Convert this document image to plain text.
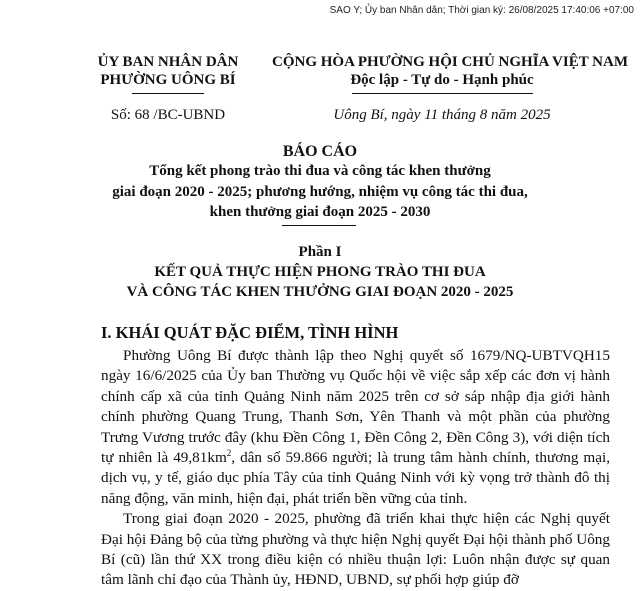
SAO Y; Ủy ban Nhân dân; Thời gian ký: 26/08/2025 17:40:06 +07:00
ỦY BAN NHÂN DÂN
PHƯỜNG UÔNG BÍ
Số: 68 /BC-UBND
CỘNG HÒA PHƯỜNG HỘI CHỦ NGHĨA VIỆT NAM
Độc lập - Tự do - Hạnh phúc
Uông Bí, ngày 11 tháng 8 năm 2025
BÁO CÁO
Tổng kết phong trào thi đua và công tác khen thưởng
giai đoạn 2020 - 2025; phương hướng, nhiệm vụ công tác thi đua,
khen thưởng giai đoạn 2025 - 2030
Phần I
KẾT QUẢ THỰC HIỆN PHONG TRÀO THI ĐUA
VÀ CÔNG TÁC KHEN THƯỞNG GIAI ĐOẠN 2020 - 2025
I. KHÁI QUÁT ĐẶC ĐIỂM, TÌNH HÌNH

Phường Uông Bí được thành lập theo Nghị quyết số 1679/NQ-UBTVQH15 ngày 16/6/2025 của Ủy ban Thường vụ Quốc hội về việc sắp xếp các đơn vị hành chính cấp xã của tỉnh Quảng Ninh năm 2025 trên cơ sở sáp nhập địa giới hành chính phường Quang Trung, Thanh Sơn, Yên Thanh và một phần của phường Trưng Vương trước đây (khu Đền Công 1, Đền Công 2, Đền Công 3), với diện tích tự nhiên là $49,81km^2$, dân số 59.866 người; là trung tâm hành chính, thương mại, dịch vụ, y tế, giáo dục phía Tây của tỉnh Quảng Ninh với kỳ vọng trở thành đô thị năng động, văn minh, hiện đại, phát triển bền vững của tỉnh.

Trong giai đoạn 2020 - 2025, phường đã triển khai thực hiện các Nghị quyết Đại hội Đảng bộ của từng phường và thực hiện Nghị quyết Đại hội thành phố Uông Bí (cũ) lần thứ XX trong điều kiện có nhiều thuận lợi: Luôn nhận được sự quan tâm lãnh chỉ đạo của Thành ủy, HĐND, UBND, sự phối hợp giúp đỡ
